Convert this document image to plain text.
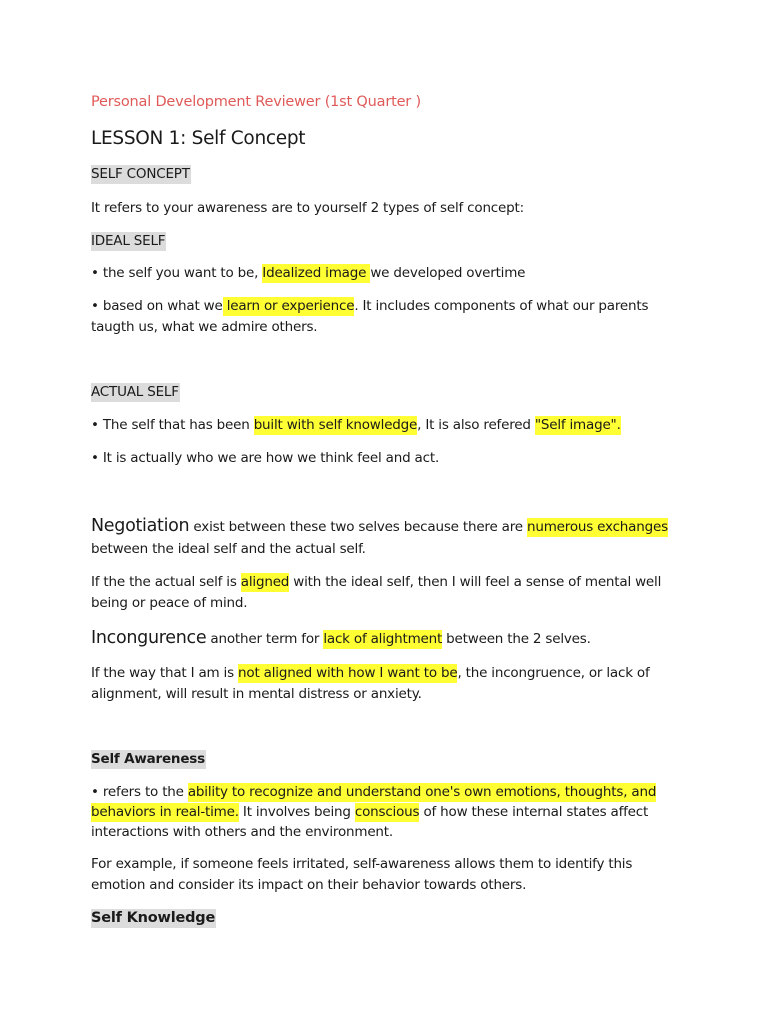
Personal Development Reviewer (1st Quarter )
LESSON 1: Self Concept
SELF CONCEPT
It refers to your awareness are to yourself 2 types of self concept:
IDEAL SELF
• the self you want to be, Idealized image we developed overtime
• based on what we learn or experience. It includes components of what our parents
taugth us, what we admire others.
ACTUAL SELF
• The self that has been built with self knowledge, It is also refered "Self image".
• It is actually who we are how we think feel and act.
Negotiation exist between these two selves because there are numerous exchanges
between the ideal self and the actual self.
If the the actual self is aligned with the ideal self, then I will feel a sense of mental well
being or peace of mind.
Incongurence another term for lack of alightment between the 2 selves.
If the way that I am is not aligned with how I want to be, the incongruence, or lack of
alignment, will result in mental distress or anxiety.
Self Awareness
• refers to the ability to recognize and understand one's own emotions, thoughts, and
behaviors in real-time. It involves being conscious of how these internal states affect
interactions with others and the environment.
For example, if someone feels irritated, self-awareness allows them to identify this
emotion and consider its impact on their behavior towards others.
Self Knowledge
